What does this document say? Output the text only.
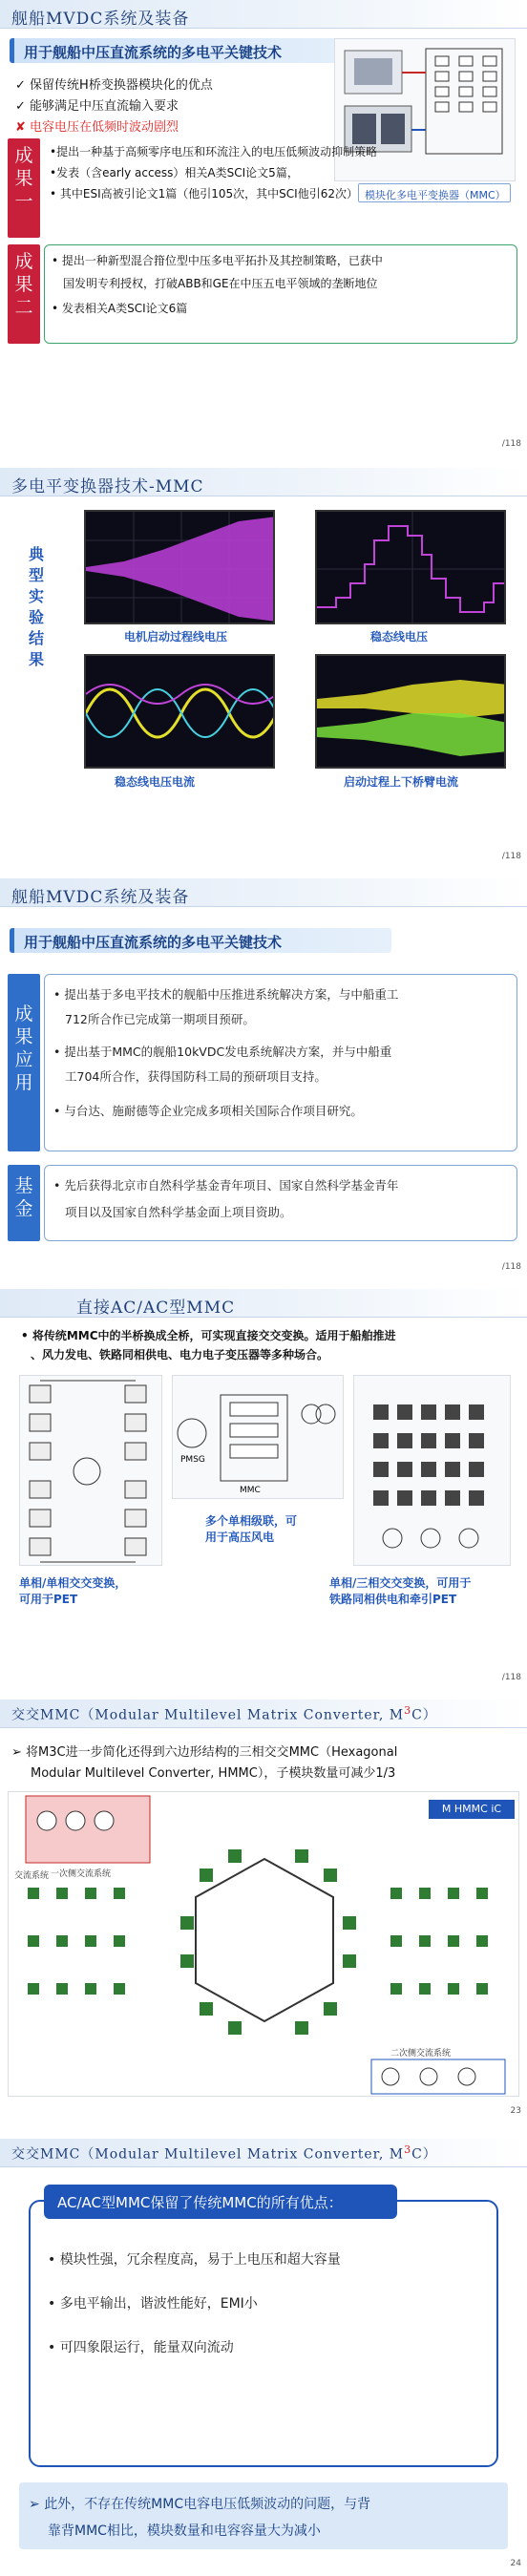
舰船MVDC系统及装备
用于舰船中压直流系统的多电平关键技术
✓ 保留传统H桥变换器模块化的优点
✓ 能够满足中压直流输入要求
✘ 电容电压在低频时波动剧烈
模块化多电平变换器（MMC）
成果一
•提出一种基于高频零序电压和环流注入的电压低频波动抑制策略
•发表（含early access）相关A类SCI论文5篇，
• 其中ESI高被引论文1篇（他引105次，其中SCI他引62次）
成果二
• 提出一种新型混合箝位型中压多电平拓扑及其控制策略，已获中
国发明专利授权，打破ABB和GE在中压五电平领域的垄断地位
• 发表相关A类SCI论文6篇
/118
多电平变换器技术-MMC
典型实验结果
电机启动过程线电压	稳态线电压
稳态线电压电流	启动过程上下桥臂电流
/118
舰船MVDC系统及装备
用于舰船中压直流系统的多电平关键技术
成果应用
• 提出基于多电平技术的舰船中压推进系统解决方案，与中船重工
712所合作已完成第一期项目预研。
• 提出基于MMC的舰船10kVDC发电系统解决方案，并与中船重
工704所合作，获得国防科工局的预研项目支持。
• 与台达、施耐德等企业完成多项相关国际合作项目研究。
基金
• 先后获得北京市自然科学基金青年项目、国家自然科学基金青年
项目以及国家自然科学基金面上项目资助。
/118
直接AC/AC型MMC
• 将传统MMC中的半桥换成全桥，可实现直接交交变换。适用于船舶推进
、风力发电、铁路同相供电、电力电子变压器等多种场合。
PMSG
MMC
多个单相级联，可
用于高压风电
单相/单相交交变换，
可用于PET
单相/三相交交变换，可用于
铁路同相供电和牵引PET
/118
交交MMC（Modular Multilevel Matrix Converter, $M^3C$）
➢ 将M3C进一步简化还得到六边形结构的三相交交MMC（Hexagonal
Modular Multilevel Converter, HMMC），子模块数量可减少1/3
交流系统 一次侧交流系统
二次侧交流系统
M HMMC iC
23
交交MMC（Modular Multilevel Matrix Converter, $M^3C$）
AC/AC型MMC保留了传统MMC的所有优点：
• 模块性强，冗余程度高，易于上电压和超大容量
• 多电平输出，谐波性能好，EMI小
• 可四象限运行，能量双向流动
➢ 此外，不存在传统MMC电容电压低频波动的问题，与背
靠背MMC相比，模块数量和电容容量大为减小
24
